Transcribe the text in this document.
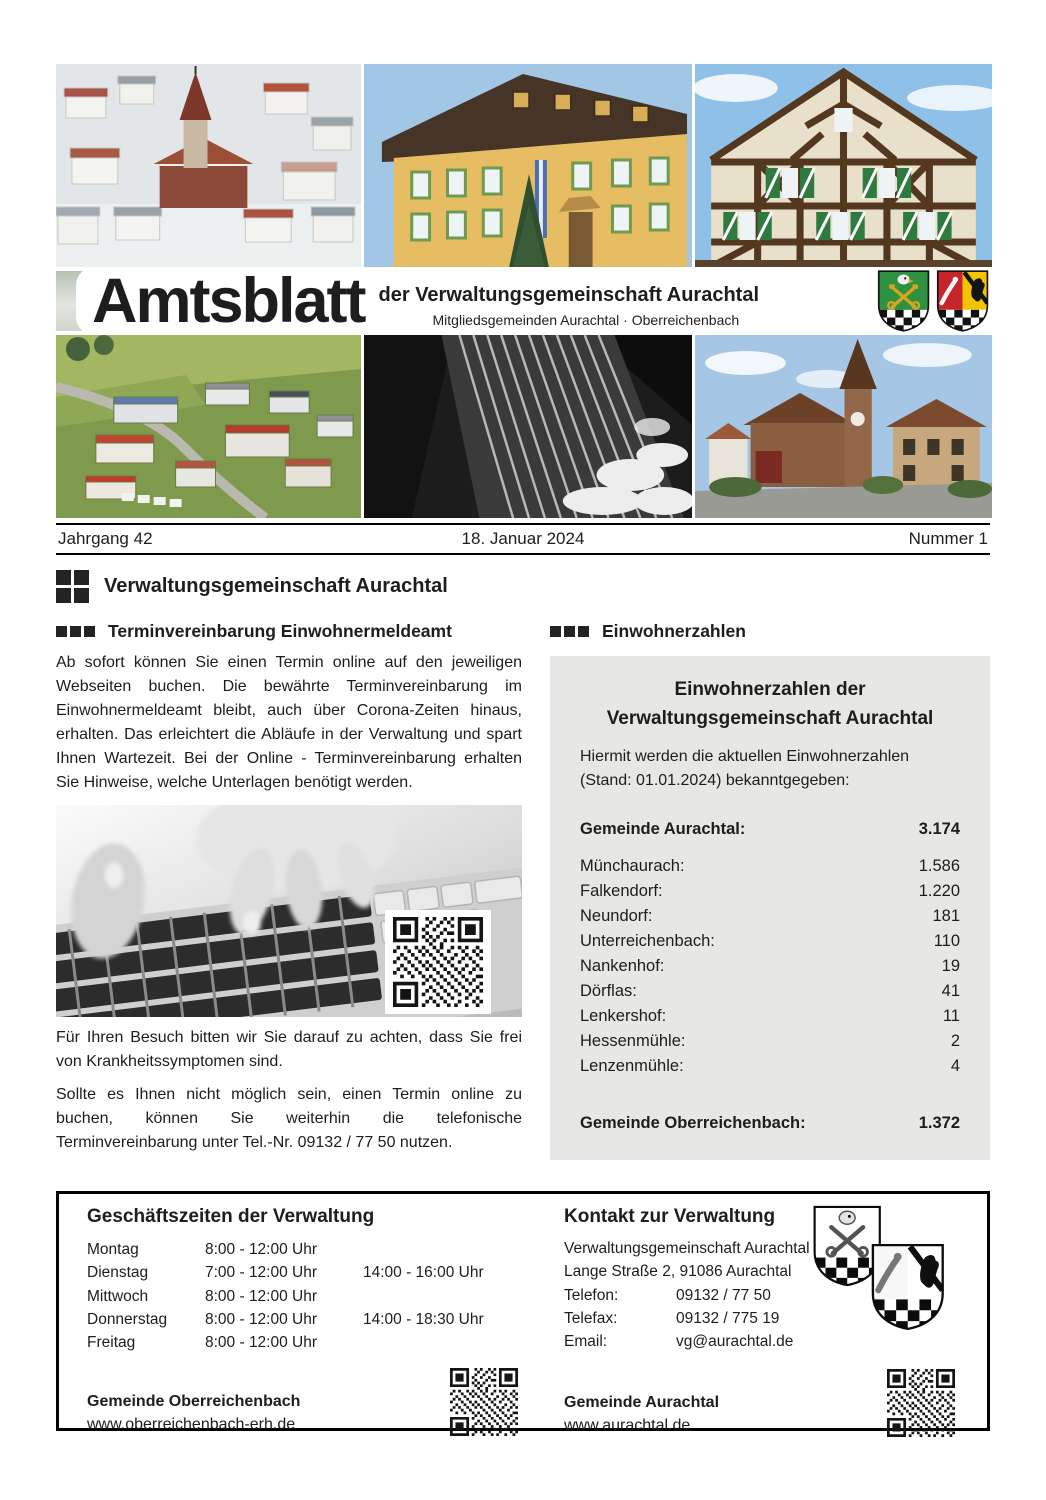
Amtsblatt der Verwaltungsgemeinschaft Aurachtal
Mitgliedsgemeinden Aurachtal · Oberreichenbach
Jahrgang 42	18. Januar 2024	Nummer 1
Verwaltungsgemeinschaft Aurachtal
Terminvereinbarung Einwohnermeldeamt

Ab sofort können Sie einen Termin online auf den jeweiligen Webseiten buchen. Die bewährte Terminvereinbarung im Einwohnermeldeamt bleibt, auch über Corona-Zeiten hinaus, erhalten. Das erleichtert die Abläufe in der Verwaltung und spart Ihnen Wartezeit. Bei der Online - Terminvereinbarung erhalten Sie Hinweise, welche Unterlagen benötigt werden.

Für Ihren Besuch bitten wir Sie darauf zu achten, dass Sie frei von Krankheitssymptomen sind.

Sollte es Ihnen nicht möglich sein, einen Termin online zu buchen, können Sie weiterhin die telefonische Terminvereinbarung unter Tel.-Nr. 09132 / 77 50 nutzen.

Einwohnerzahlen
Einwohnerzahlen der
Verwaltungsgemeinschaft Aurachtal

Hiermit werden die aktuellen Einwohnerzahlen (Stand: 01.01.2024) bekanntgegeben:

Gemeinde Aurachtal:	3.174
Münchaurach:	1.586
Falkendorf:	1.220
Neundorf:	181
Unterreichenbach:	110
Nankenhof:	19
Dörflas:	41
Lenkershof:	11
Hessenmühle:	2
Lenzenmühle:	4
Gemeinde Oberreichenbach:	1.372
Geschäftszeiten der Verwaltung
Montag	8:00 - 12:00 Uhr
Dienstag	7:00 - 12:00 Uhr	14:00 - 16:00 Uhr
Mittwoch	8:00 - 12:00 Uhr
Donnerstag	8:00 - 12:00 Uhr	14:00 - 18:30 Uhr
Freitag	8:00 - 12:00 Uhr
Gemeinde Oberreichenbach
www.oberreichenbach-erh.de
Kontakt zur Verwaltung
Verwaltungsgemeinschaft Aurachtal
Lange Straße 2, 91086 Aurachtal
Telefon:	09132 / 77 50
Telefax:	09132 / 775 19
Email:	vg@aurachtal.de
Gemeinde Aurachtal
www.aurachtal.de
